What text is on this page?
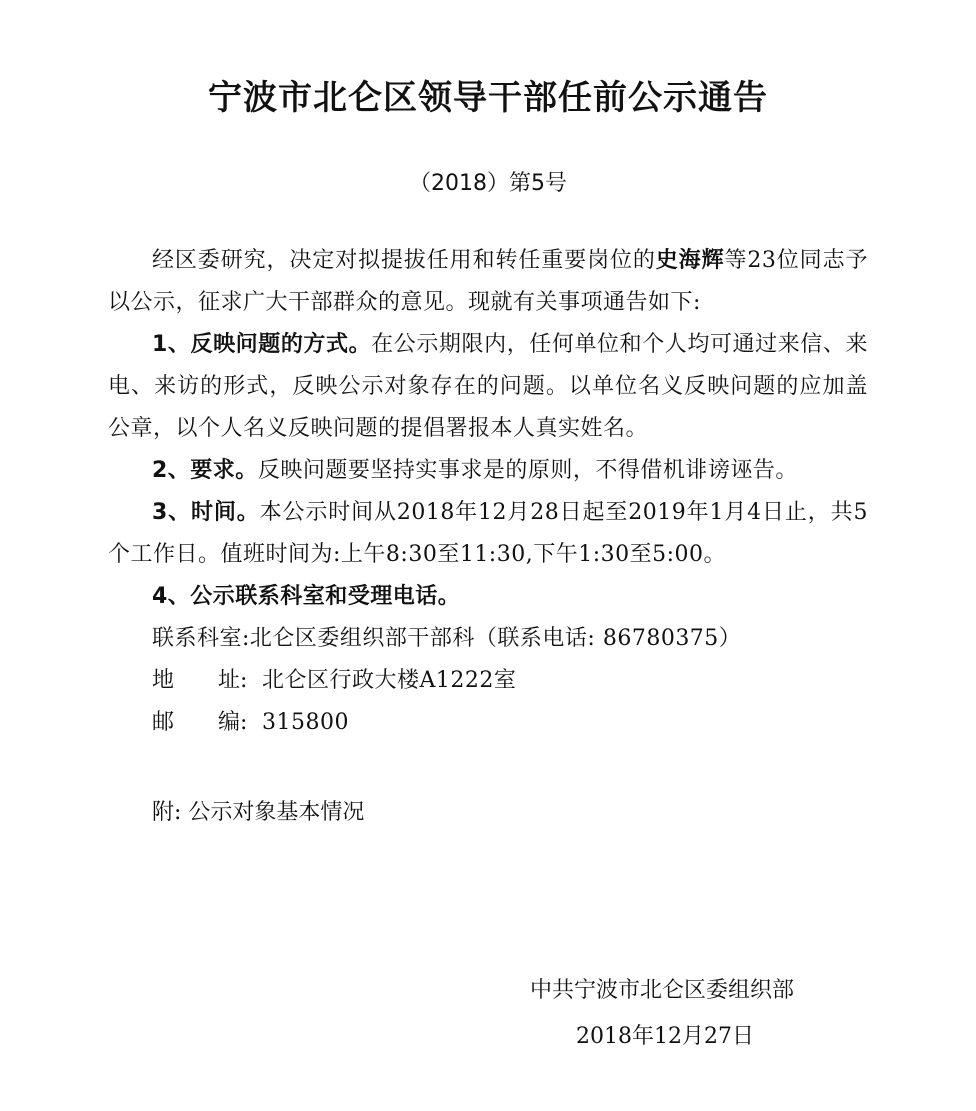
宁波市北仑区领导干部任前公示通告
（2018）第5号

经区委研究，决定对拟提拔任用和转任重要岗位的史海辉等23位同志予以公示，征求广大干部群众的意见。现就有关事项通告如下:

1、反映问题的方式。在公示期限内，任何单位和个人均可通过来信、来电、来访的形式，反映公示对象存在的问题。以单位名义反映问题的应加盖公章，以个人名义反映问题的提倡署报本人真实姓名。

2、要求。反映问题要坚持实事求是的原则，不得借机诽谤诬告。

3、时间。本公示时间从2018年12月28日起至2019年1月4日止，共5个工作日。值班时间为:上午8:30至11:30,下午1:30至5:00。

4、公示联系科室和受理电话。

联系科室:北仑区委组织部干部科（联系电话: 86780375）

地 址: 北仑区行政大楼A1222室

邮 编: 315800

附: 公示对象基本情况
中共宁波市北仑区委组织部
2018年12月27日
